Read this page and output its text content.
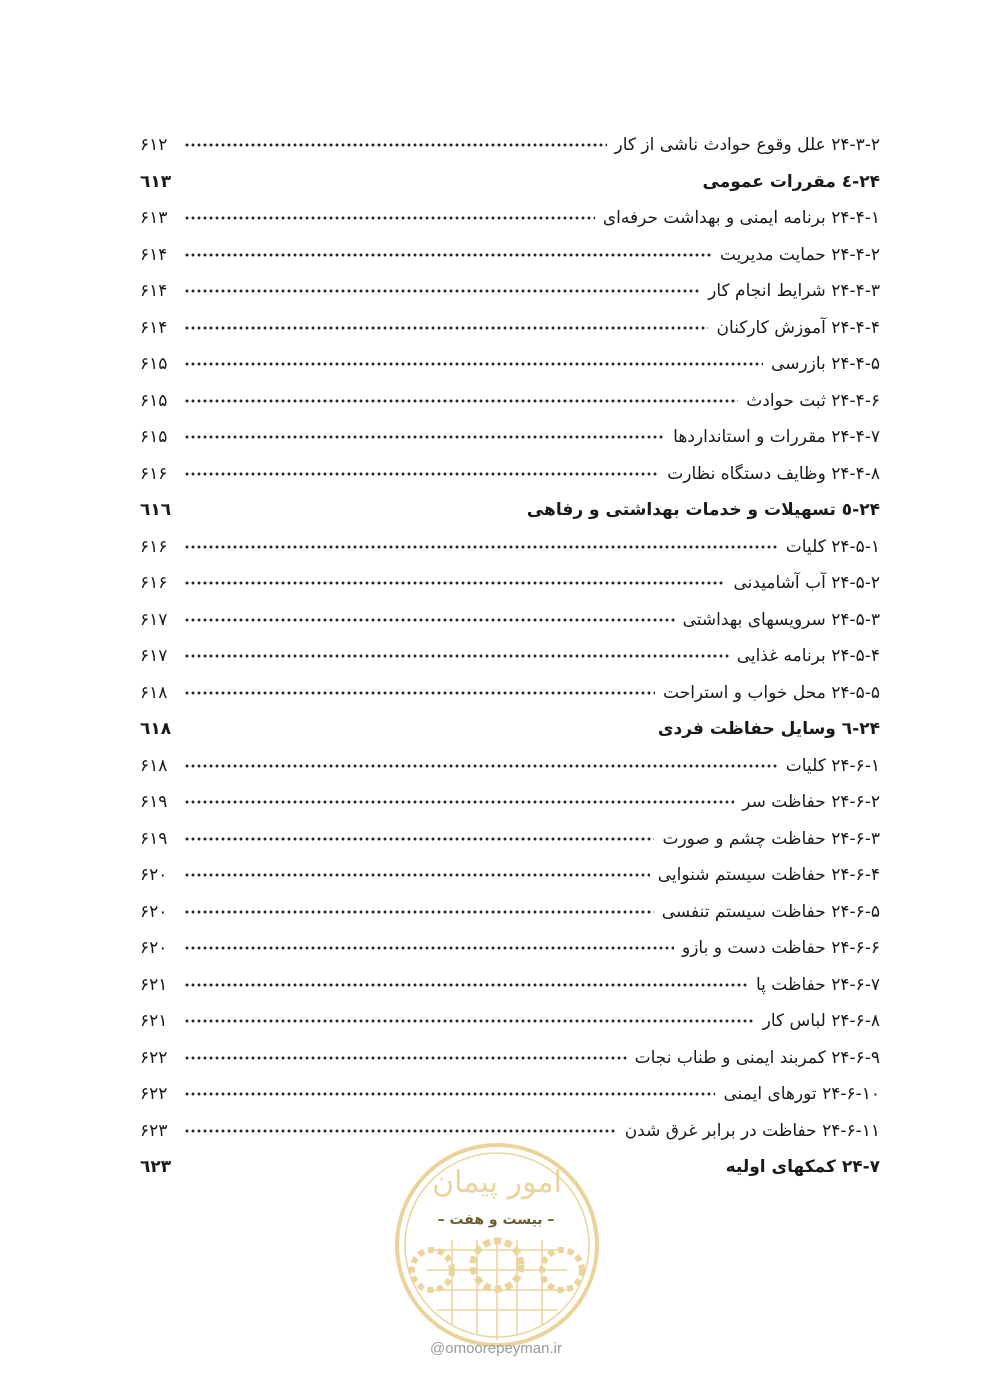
۲۴-۳-۲ علل وقوع حوادث ناشی از کار
۶۱۲
۲۴-٤ مقررات عمومی
٦١٣
۲۴-۴-۱ برنامه ایمنی و بهداشت حرفه‌ای
۶۱۳
۲۴-۴-۲ حمایت مدیریت
۶۱۴
۲۴-۴-۳ شرایط انجام کار
۶۱۴
۲۴-۴-۴ آموزش کارکنان
۶۱۴
۲۴-۴-۵ بازرسی
۶۱۵
۲۴-۴-۶ ثبت حوادث
۶۱۵
۲۴-۴-۷ مقررات و استانداردها
۶۱۵
۲۴-۴-۸ وظایف دستگاه نظارت
۶۱۶
۲۴-٥ تسهیلات و خدمات بهداشتی و رفاهی
٦١٦
۲۴-۵-۱ کلیات
۶۱۶
۲۴-۵-۲ آب آشامیدنی
۶۱۶
۲۴-۵-۳ سرویسهای بهداشتی
۶۱۷
۲۴-۵-۴ برنامه غذایی
۶۱۷
۲۴-۵-۵ محل خواب و استراحت
۶۱۸
۲۴-٦ وسایل حفاظت فردی
٦١٨
۲۴-۶-۱ کلیات
۶۱۸
۲۴-۶-۲ حفاظت سر
۶۱۹
۲۴-۶-۳ حفاظت چشم و صورت
۶۱۹
۲۴-۶-۴ حفاظت سیستم شنوایی
۶۲۰
۲۴-۶-۵ حفاظت سیستم تنفسی
۶۲۰
۲۴-۶-۶ حفاظت دست و بازو
۶۲۰
۲۴-۶-۷ حفاظت پا
۶۲۱
۲۴-۶-۸ لباس کار
۶۲۱
۲۴-۶-۹ کمربند ایمنی و طناب نجات
۶۲۲
۲۴-۶-۱۰ تورهای ایمنی
۶۲۲
۲۴-۶-۱۱ حفاظت در برابر غرق شدن
۶۲۳
۲۴-۷ کمکهای اولیه
٦٢٣	امور پیمان
– بیست و هفت –
@omoorepeyman.ir
